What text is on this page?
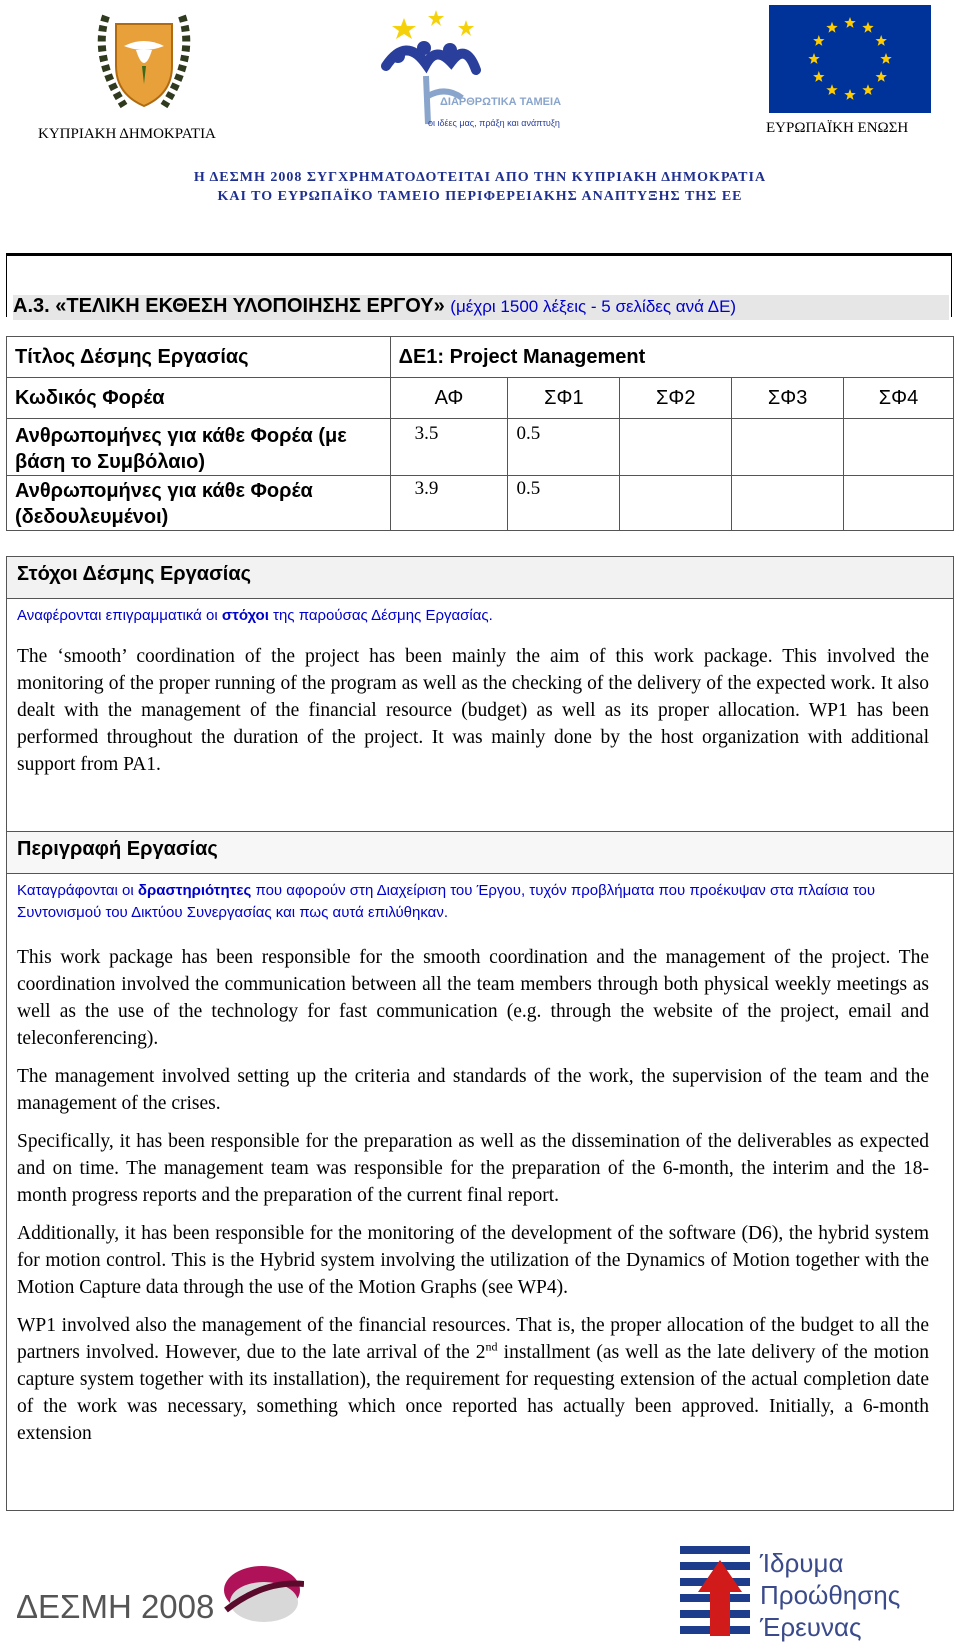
ΚΥΠΡΙΑΚΗ ΔΗΜΟΚΡΑΤΙΑ
ΔΙΑΡΘΡΩΤΙΚΑ ΤΑΜΕΙΑ
οι ιδέες μας, πράξη και ανάπτυξη	ΕΥΡΩΠΑΪΚΗ ΕΝΩΣΗ
Η ΔΕΣΜΗ 2008 ΣΥΓΧΡΗΜΑΤΟΔΟΤΕΙΤΑΙ ΑΠΟ ΤΗΝ ΚΥΠΡΙΑΚΗ ΔΗΜΟΚΡΑΤΙΑ
ΚΑΙ ΤΟ ΕΥΡΩΠΑΪΚΟ ΤΑΜΕΙΟ ΠΕΡΙΦΕΡΕΙΑΚΗΣ ΑΝΑΠΤΥΞΗΣ ΤΗΣ ΕΕ
Α.3. «ΤΕΛΙΚΗ ΕΚΘΕΣΗ ΥΛΟΠΟΙΗΣΗΣ ΕΡΓΟΥ» (μέχρι 1500 λέξεις - 5 σελίδες ανά ΔΕ)
Τίτλος Δέσμης Εργασίας	ΔΕ1: Project Management				
Κωδικός Φορέα	ΑΦ	ΣΦ1	ΣΦ2	ΣΦ3	ΣΦ4
Ανθρωπομήνες για κάθε Φορέα (με βάση το Συμβόλαιο)	3.5	0.5			
Ανθρωπομήνες για κάθε Φορέα (δεδουλευμένοι)	3.9	0.5			
Στόχοι Δέσμης Εργασίας
Αναφέρονται επιγραμματικά οι στόχοι της παρούσας Δέσμης Εργασίας.

The ‘smooth’ coordination of the project has been mainly the aim of this work package. This involved the monitoring of the proper running of the program as well as the checking of the delivery of the expected work. It also dealt with the management of the financial resource (budget) as well as its proper allocation. WP1 has been performed throughout the duration of the project. It was mainly done by the host organization with additional support from PA1.

Περιγραφή Εργασίας
Καταγράφονται οι δραστηριότητες που αφορούν στη Διαχείριση του Έργου, τυχόν προβλήματα που προέκυψαν στα πλαίσια του Συντονισμού του Δικτύου Συνεργασίας και πως αυτά επιλύθηκαν.

This work package has been responsible for the smooth coordination and the management of the project. The coordination involved the communication between all the team members through both physical weekly meetings as well as the use of the technology for fast communication (e.g. through the website of the project, email and teleconferencing).

The management involved setting up the criteria and standards of the work, the supervision of the team and the management of the crises.

Specifically, it has been responsible for the preparation as well as the dissemination of the deliverables as expected and on time. The management team was responsible for the preparation of the 6-month, the interim and the 18-month progress reports and the preparation of the current final report.

Additionally, it has been responsible for the monitoring of the development of the software (D6), the hybrid system for motion control. This is the Hybrid system involving the utilization of the Dynamics of Motion together with the Motion Capture data through the use of the Motion Graphs (see WP4).

WP1 involved also the management of the financial resources. That is, the proper allocation of the budget to all the partners involved. However, due to the late arrival of the 2nd installment (as well as the late delivery of the motion capture system together with its installation), the requirement for requesting extension of the actual completion date of the work was necessary, something which once reported has actually been approved. Initially, a 6-month extension

ΔΕΣΜΗ 2008
Ίδρυμα
Προώθησης
Έρευνας
